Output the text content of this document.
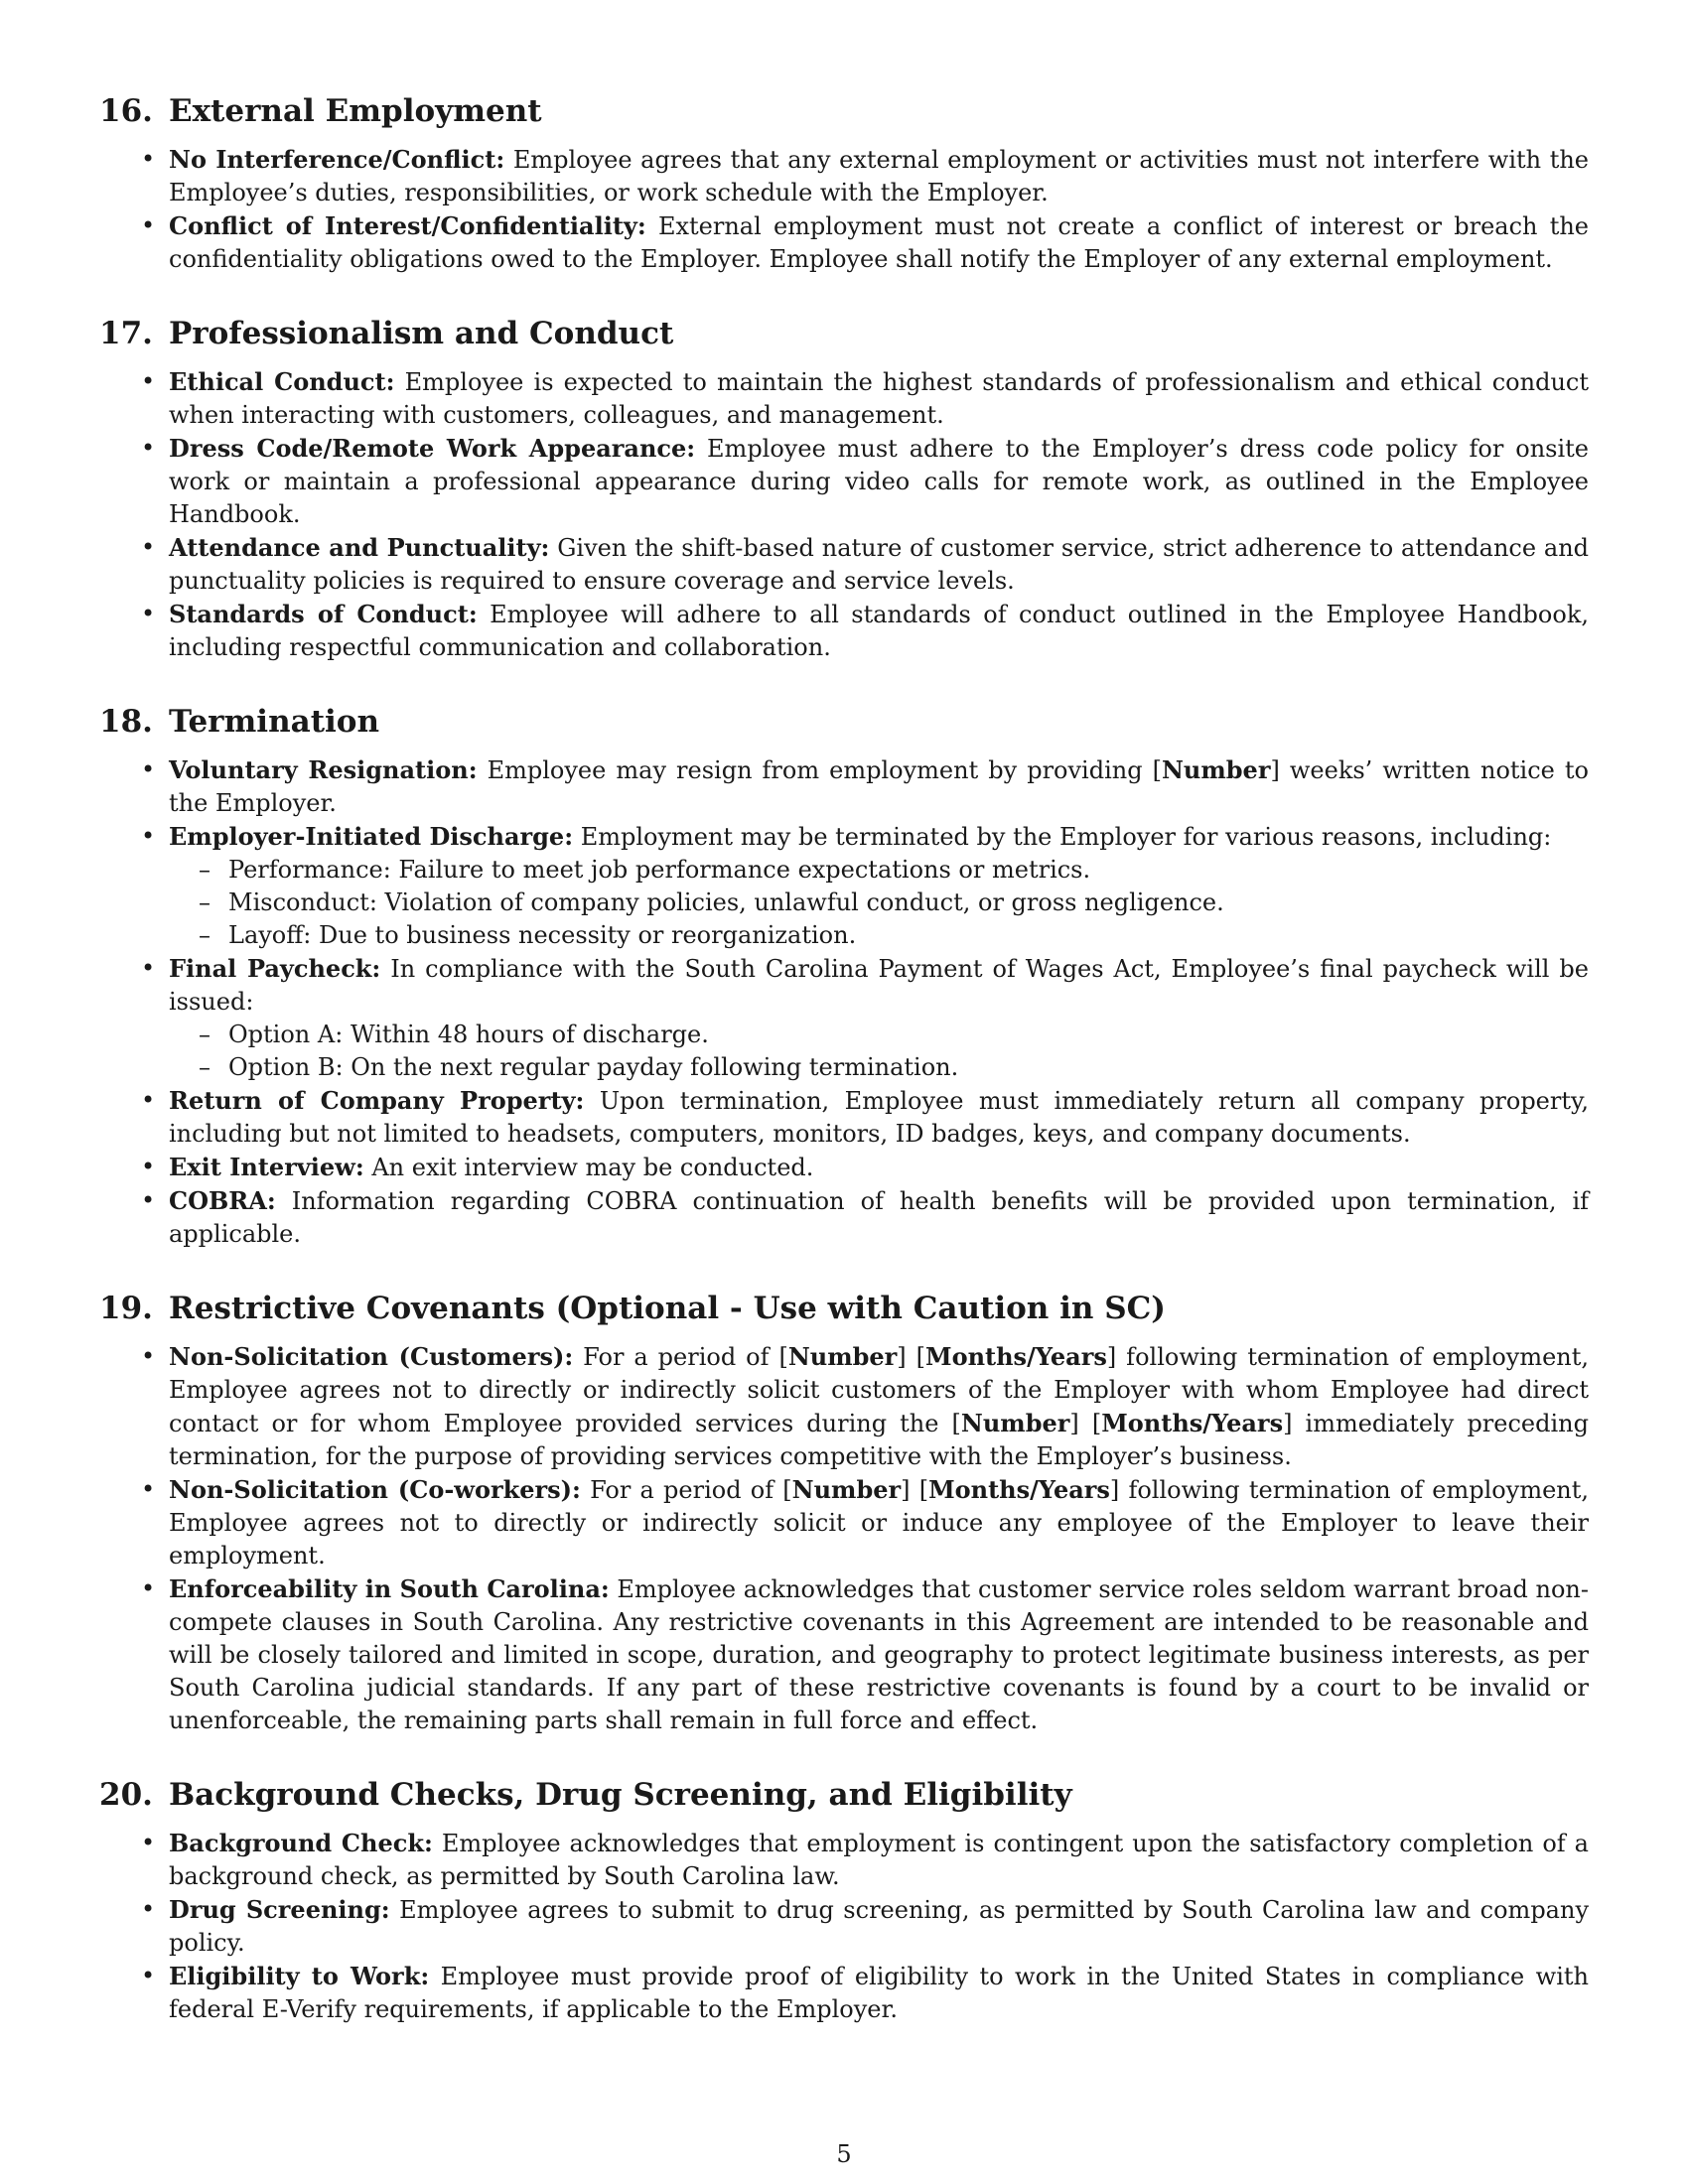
16. External Employment
• No Interference/Conflict: Employee agrees that any external employment or activities must not interfere with the Employee’s duties, responsibilities, or work schedule with the Employer.
• Conflict of Interest/Confidentiality: External employment must not create a conflict of interest or breach the confidentiality obligations owed to the Employer. Employee shall notify the Employer of any external employment.
17. Professionalism and Conduct
• Ethical Conduct: Employee is expected to maintain the highest standards of professionalism and ethical conduct when interacting with customers, colleagues, and management.
• Dress Code/Remote Work Appearance: Employee must adhere to the Employer’s dress code policy for onsite work or maintain a professional appearance during video calls for remote work, as outlined in the Employee Handbook.
• Attendance and Punctuality: Given the shift-based nature of customer service, strict adherence to attendance and punctuality policies is required to ensure coverage and service levels.
• Standards of Conduct: Employee will adhere to all standards of conduct outlined in the Employee Handbook, including respectful communication and collaboration.
18. Termination
• Voluntary Resignation: Employee may resign from employment by providing [Number] weeks’ written notice to the Employer.
• Employer-Initiated Discharge: Employment may be terminated by the Employer for various reasons, including:
– Performance: Failure to meet job performance expectations or metrics.
– Misconduct: Violation of company policies, unlawful conduct, or gross negligence.
– Layoff: Due to business necessity or reorganization.
• Final Paycheck: In compliance with the South Carolina Payment of Wages Act, Employee’s final paycheck will be issued:
– Option A: Within 48 hours of discharge.
– Option B: On the next regular payday following termination.
• Return of Company Property: Upon termination, Employee must immediately return all company property, including but not limited to headsets, computers, monitors, ID badges, keys, and company documents.
• Exit Interview: An exit interview may be conducted.
• COBRA: Information regarding COBRA continuation of health benefits will be provided upon termination, if applicable.
19. Restrictive Covenants (Optional - Use with Caution in SC)
• Non-Solicitation (Customers): For a period of [Number] [Months/Years] following termination of employment, Employee agrees not to directly or indirectly solicit customers of the Employer with whom Employee had direct contact or for whom Employee provided services during the [Number] [Months/Years] immediately preceding termination, for the purpose of providing services competitive with the Employer’s business.
• Non-Solicitation (Co-workers): For a period of [Number] [Months/Years] following termination of employment, Employee agrees not to directly or indirectly solicit or induce any employee of the Employer to leave their employment.
• Enforceability in South Carolina: Employee acknowledges that customer service roles seldom warrant broad non-compete clauses in South Carolina. Any restrictive covenants in this Agreement are intended to be reasonable and will be closely tailored and limited in scope, duration, and geography to protect legitimate business interests, as per South Carolina judicial standards. If any part of these restrictive covenants is found by a court to be invalid or unenforceable, the remaining parts shall remain in full force and effect.
20. Background Checks, Drug Screening, and Eligibility
• Background Check: Employee acknowledges that employment is contingent upon the satisfactory completion of a background check, as permitted by South Carolina law.
• Drug Screening: Employee agrees to submit to drug screening, as permitted by South Carolina law and company policy.
• Eligibility to Work: Employee must provide proof of eligibility to work in the United States in compliance with federal E-Verify requirements, if applicable to the Employer.
5
